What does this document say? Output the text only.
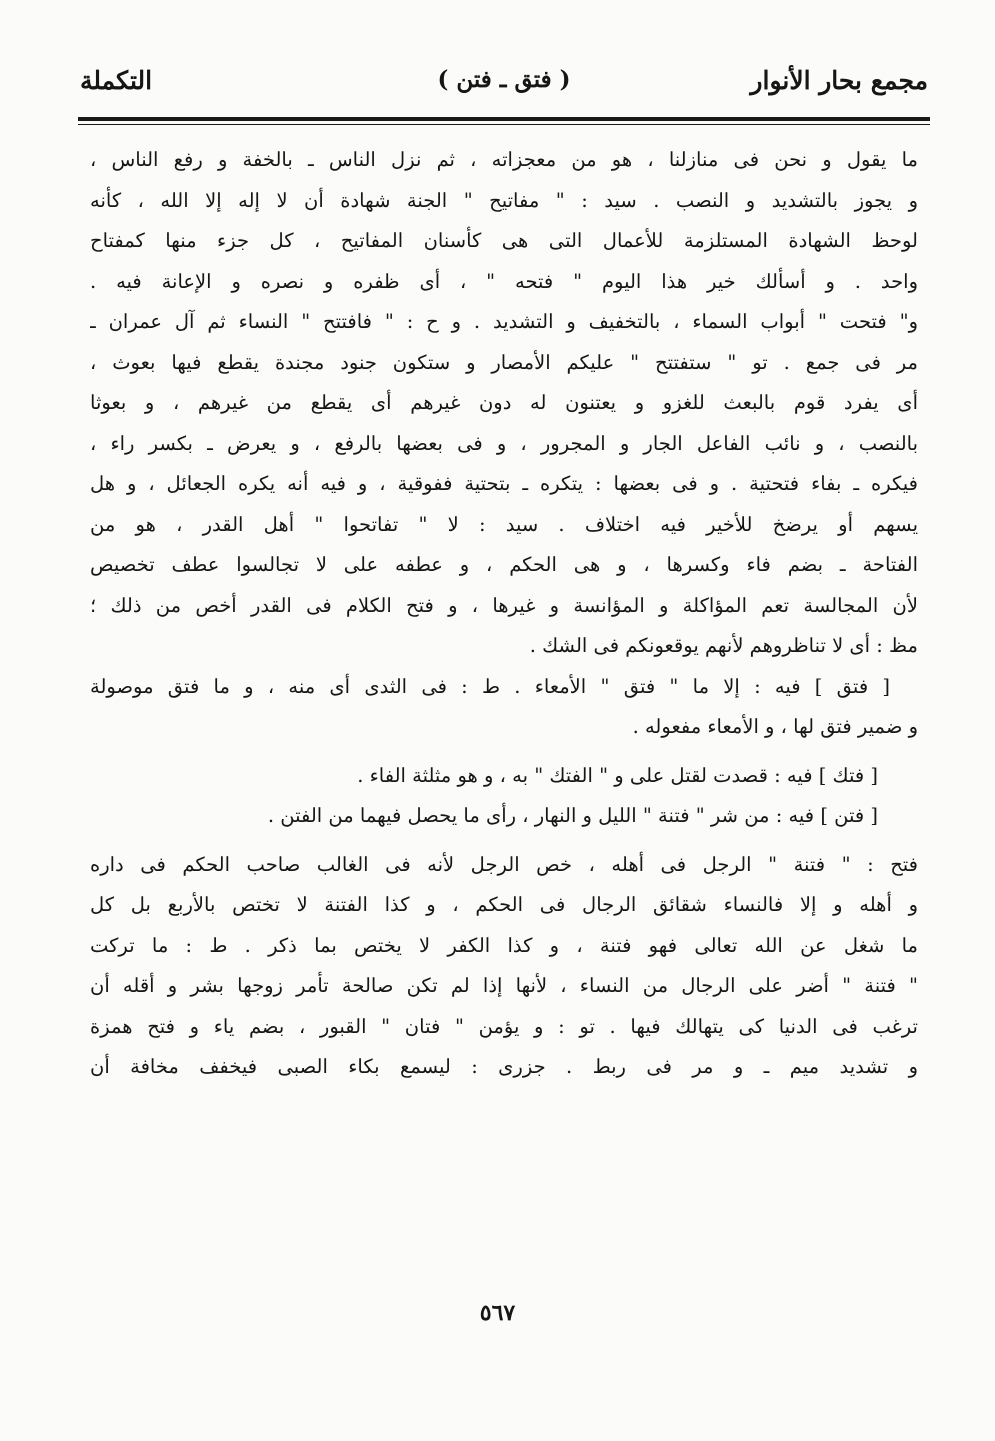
مجمع بحار الأنوار
( فتق ـ فتن )
التكملة
ما يقول و نحن فى منازلنا ، هو من معجزاته ، ثم نزل الناس ـ بالخفة و رفع الناس ،
و يجوز بالتشديد و النصب . سيد : " مفاتيح " الجنة شهادة أن لا إله إلا الله ، كأنه
لوحظ الشهادة المستلزمة للأعمال التى هى كأسنان المفاتيح ، كل جزء منها كمفتاح
واحد . و أسألك خير هذا اليوم " فتحه " ، أى ظفره و نصره و الإعانة فيه .
و" فتحت " أبواب السماء ، بالتخفيف و التشديد . و ح : " فافتتح " النساء ثم آل عمران ـ
مر فى جمع . تو " ستفتتح " عليكم الأمصار و ستكون جنود مجندة يقطع فيها بعوث ،
أى يفرد قوم بالبعث للغزو و يعتنون له دون غيرهم أى يقطع من غيرهم ، و بعوثا
بالنصب ، و نائب الفاعل الجار و المجرور ، و فى بعضها بالرفع ، و يعرض ـ بكسر راء ،
فيكره ـ بفاء فتحتية . و فى بعضها : يتكره ـ بتحتية ففوقية ، و فيه أنه يكره الجعائل ، و هل
يسهم أو يرضخ للأخير فيه اختلاف . سيد : لا " تفاتحوا " أهل القدر ، هو من
الفتاحة ـ بضم فاء وكسرها ، و هى الحكم ، و عطفه على لا تجالسوا عطف تخصيص
لأن المجالسة تعم المؤاكلة و المؤانسة و غيرها ، و فتح الكلام فى القدر أخص من ذلك ؛
مظ : أى لا تناظروهم لأنهم يوقعونكم فى الشك .
[ فتق ] فيه : إلا ما " فتق " الأمعاء . ط : فى الثدى أى منه ، و ما فتق موصولة
و ضمير فتق لها ، و الأمعاء مفعوله .
[ فتك ] فيه : قصدت لقتل على و " الفتك " به ، و هو مثلثة الفاء .
[ فتن ] فيه : من شر " فتنة " الليل و النهار ، رأى ما يحصل فيهما من الفتن .
فتح : " فتنة " الرجل فى أهله ، خص الرجل لأنه فى الغالب صاحب الحكم فى داره
و أهله و إلا فالنساء شقائق الرجال فى الحكم ، و كذا الفتنة لا تختص بالأربع بل كل
ما شغل عن الله تعالى فهو فتنة ، و كذا الكفر لا يختص بما ذكر . ط : ما تركت
" فتنة " أضر على الرجال من النساء ، لأنها إذا لم تكن صالحة تأمر زوجها بشر و أقله أن
ترغب فى الدنيا كى يتهالك فيها . تو : و يؤمن " فتان " القبور ، بضم ياء و فتح همزة
و تشديد ميم ـ و مر فى ربط . جزرى : ليسمع بكاء الصبى فيخفف مخافة أن
٥٦٧
